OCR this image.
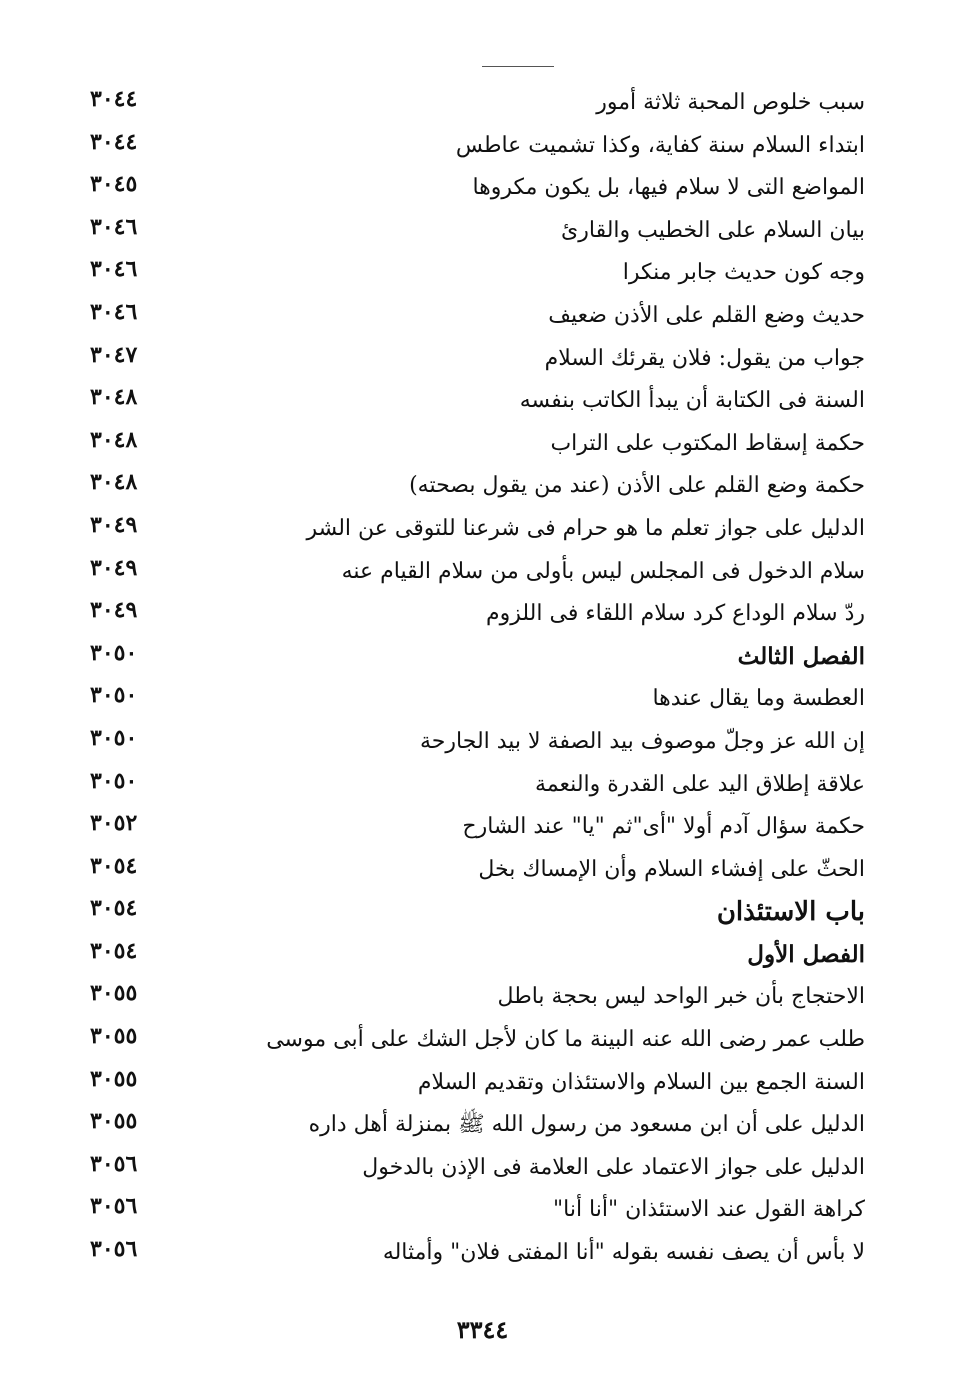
سبب خلوص المحبة ثلاثة أمور
٣٠٤٤
ابتداء السلام سنة كفاية، وكذا تشميت عاطس
٣٠٤٤
المواضع التى لا سلام فيها، بل يكون مكروها
٣٠٤٥
بيان السلام على الخطيب والقارئ
٣٠٤٦
وجه كون حديث جابر منكرا
٣٠٤٦
حديث وضع القلم على الأذن ضعيف
٣٠٤٦
جواب من يقول: فلان يقرئك السلام
٣٠٤٧
السنة فى الكتابة أن يبدأ الكاتب بنفسه
٣٠٤٨
حكمة إسقاط المكتوب على التراب
٣٠٤٨
حكمة وضع القلم على الأذن (عند من يقول بصحته)
٣٠٤٨
الدليل على جواز تعلم ما هو حرام فى شرعنا للتوقى عن الشر
٣٠٤٩
سلام الدخول فى المجلس ليس بأولى من سلام القيام عنه
٣٠٤٩
ردّ سلام الوداع كرد سلام اللقاء فى اللزوم
٣٠٤٩
الفصل الثالث
٣٠٥٠
العطسة وما يقال عندها
٣٠٥٠
إن الله عز وجلّ موصوف بيد الصفة لا بيد الجارحة
٣٠٥٠
علاقة إطلاق اليد على القدرة والنعمة
٣٠٥٠
حكمة سؤال آدم أولا "أى"ثم "يا" عند الشارح
٣٠٥٢
الحثّ على إفشاء السلام وأن الإمساك بخل
٣٠٥٤
باب الاستئذان
٣٠٥٤
الفصل الأول
٣٠٥٤
الاحتجاج بأن خبر الواحد ليس بحجة باطل
٣٠٥٥
طلب عمر رضى الله عنه البينة ما كان لأجل الشك على أبى موسى
٣٠٥٥
السنة الجمع بين السلام والاستئذان وتقديم السلام
٣٠٥٥
الدليل على أن ابن مسعود من رسول الله ﷺ بمنزلة أهل داره
٣٠٥٥
الدليل على جواز الاعتماد على العلامة فى الإذن بالدخول
٣٠٥٦
كراهة القول عند الاستئذان "أنا أنا"
٣٠٥٦
لا بأس أن يصف نفسه بقوله "أنا المفتى فلان" وأمثاله
٣٠٥٦
٣٣٤٤
